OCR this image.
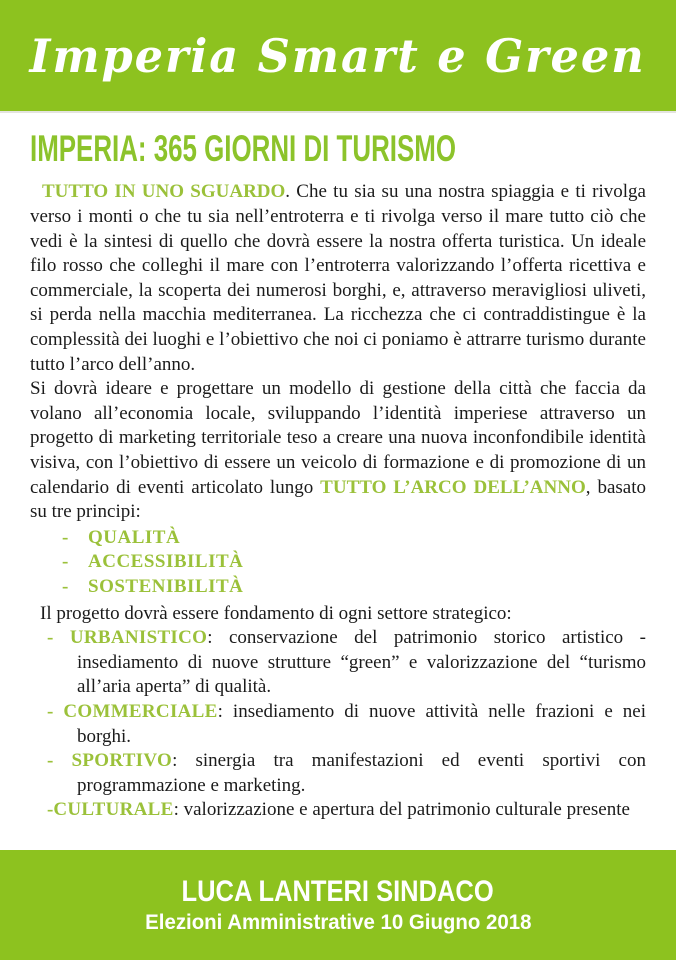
Imperia Smart e Green
IMPERIA: 365 GIORNI DI TURISMO

TUTTO IN UNO SGUARDO. Che tu sia su una nostra spiaggia e ti rivolga verso i monti o che tu sia nell’entroterra e ti rivolga verso il mare tutto ciò che vedi è la sintesi di quello che dovrà essere la nostra offerta turistica. Un ideale filo rosso che colleghi il mare con l’entroterra valorizzando l’offerta ricettiva e commerciale, la scoperta dei numerosi borghi, e, attraverso meravigliosi uliveti, si perda nella macchia mediterranea. La ricchezza che ci contraddistingue è la complessità dei luoghi e l’obiettivo che noi ci poniamo è attrarre turismo durante tutto l’arco dell’anno.

Si dovrà ideare e progettare un modello di gestione della città che faccia da volano all’economia locale, sviluppando l’identità imperiese attraverso un progetto di marketing territoriale teso a creare una nuova inconfondibile identità visiva, con l’obiettivo di essere un veicolo di formazione e di promozione di un calendario di eventi articolato lungo TUTTO L’ARCO DELL’ANNO, basato su tre principi:

- QUALITÀ
- ACCESSIBILITÀ
- SOSTENIBILITÀ

Il progetto dovrà essere fondamento di ogni settore strategico:

- URBANISTICO: conservazione del patrimonio storico artistico - insediamento di nuove strutture “green” e valorizzazione del “turismo all’aria aperta” di qualità.
- COMMERCIALE: insediamento di nuove attività nelle frazioni e nei borghi.
- SPORTIVO: sinergia tra manifestazioni ed eventi sportivi con programmazione e marketing.
-CULTURALE: valorizzazione e apertura del patrimonio culturale presente
LUCA LANTERI SINDACO
Elezioni Amministrative 10 Giugno 2018
